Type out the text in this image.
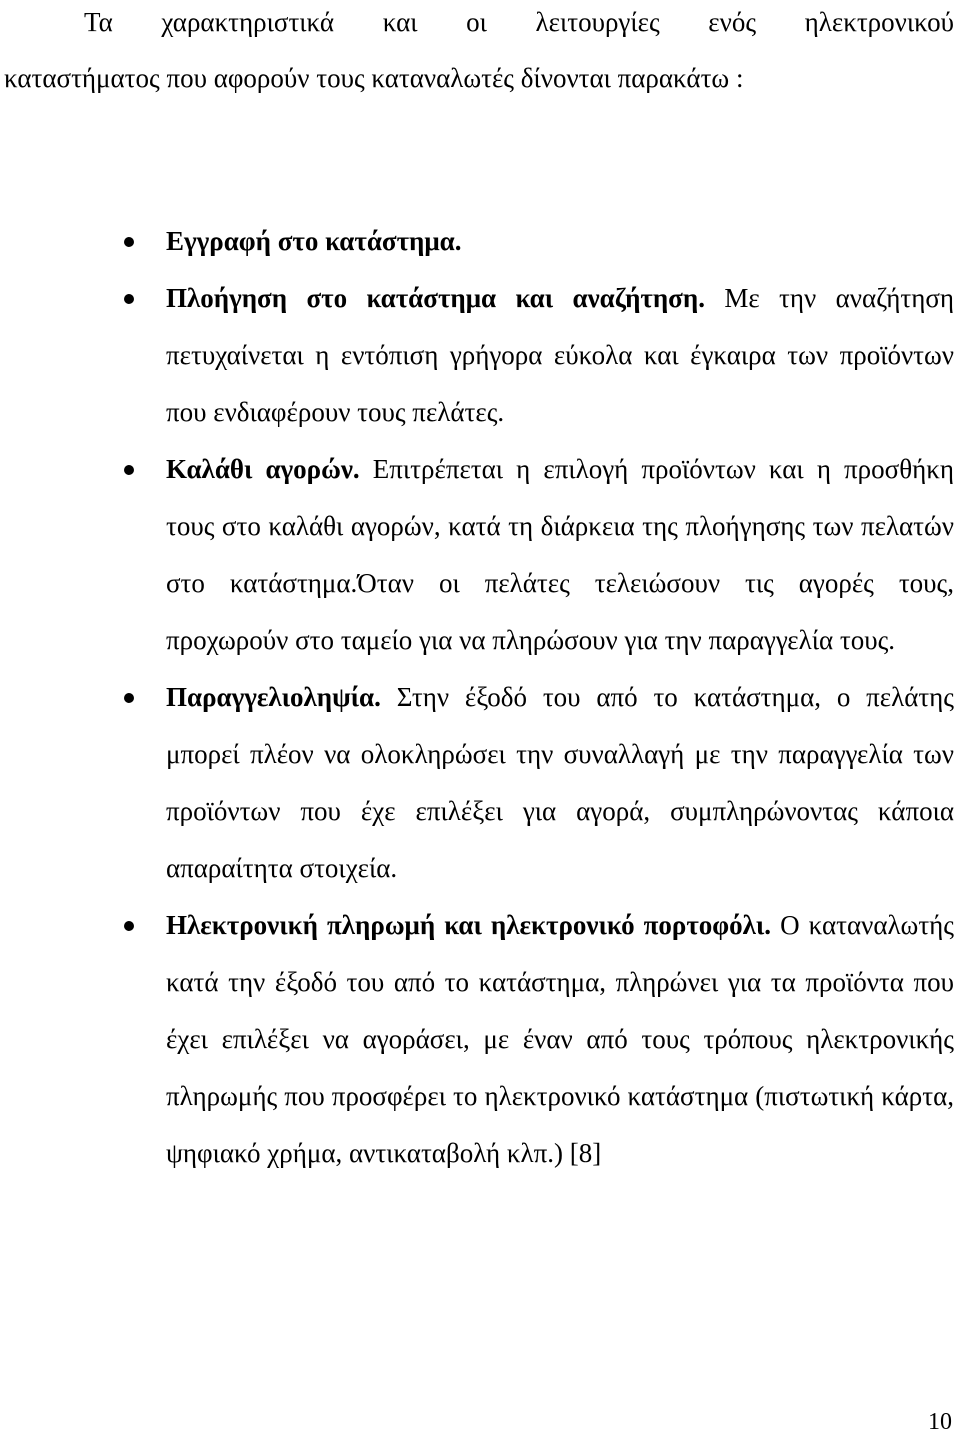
Τα χαρακτηριστικά και οι λειτουργίες ενός ηλεκτρονικού
καταστήματος που αφορούν τους καταναλωτές δίνονται παρακάτω :

Εγγραφή στο κατάστημα.
Πλοήγηση στο κατάστημα και αναζήτηση. Με την αναζήτηση πετυχαίνεται η εντόπιση γρήγορα εύκολα και έγκαιρα των προϊόντων που ενδιαφέρουν τους πελάτες.
Καλάθι αγορών. Επιτρέπεται η επιλογή προϊόντων και η προσθήκη τους στο καλάθι αγορών, κατά τη διάρκεια της πλοήγησης των πελατών στο κατάστημα.Όταν οι πελάτες τελειώσουν τις αγορές τους, προχωρούν στο ταμείο για να πληρώσουν για την παραγγελία τους.
Παραγγελιοληψία. Στην έξοδό του από το κατάστημα, ο πελάτης μπορεί πλέον να ολοκληρώσει την συναλλαγή με την παραγγελία των προϊόντων που έχε επιλέξει για αγορά, συμπληρώνοντας κάποια απαραίτητα στοιχεία.
Ηλεκτρονική πληρωμή και ηλεκτρονικό πορτοφόλι. Ο καταναλωτής κατά την έξοδό του από το κατάστημα, πληρώνει για τα προϊόντα που έχει επιλέξει να αγοράσει, με έναν από τους τρόπους ηλεκτρονικής πληρωμής που προσφέρει το ηλεκτρονικό κατάστημα (πιστωτική κάρτα, ψηφιακό χρήμα, αντικαταβολή κλπ.) [8]
10
